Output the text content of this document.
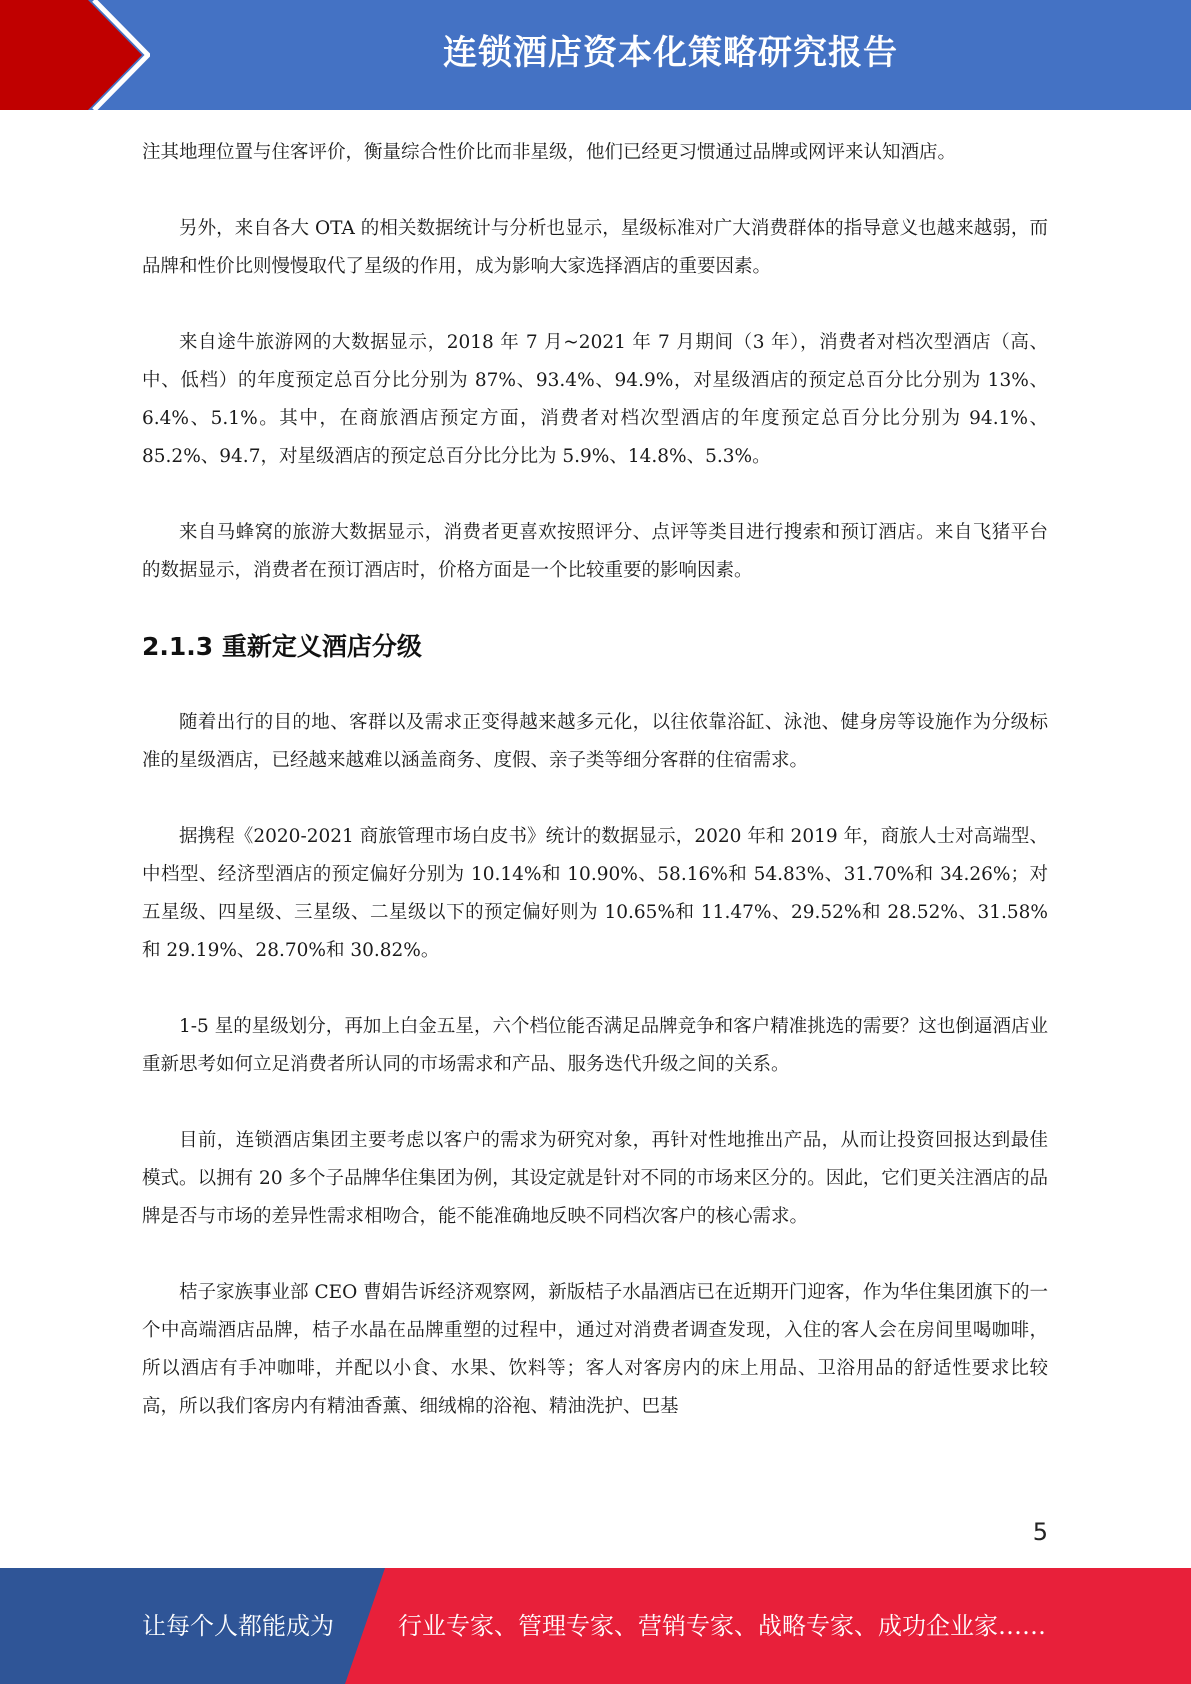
连锁酒店资本化策略研究报告

注其地理位置与住客评价，衡量综合性价比而非星级，他们已经更习惯通过品牌或网评来认知酒店。

另外，来自各大 OTA 的相关数据统计与分析也显示，星级标准对广大消费群体的指导意义也越来越弱，而品牌和性价比则慢慢取代了星级的作用，成为影响大家选择酒店的重要因素。

来自途牛旅游网的大数据显示，2018 年 7 月~2021 年 7 月期间（3 年），消费者对档次型酒店（高、中、低档）的年度预定总百分比分别为 87%、93.4%、94.9%，对星级酒店的预定总百分比分别为 13%、6.4%、5.1%。其中，在商旅酒店预定方面，消费者对档次型酒店的年度预定总百分比分别为 94.1%、85.2%、94.7，对星级酒店的预定总百分比分比为 5.9%、14.8%、5.3%。

来自马蜂窝的旅游大数据显示，消费者更喜欢按照评分、点评等类目进行搜索和预订酒店。来自飞猪平台的数据显示，消费者在预订酒店时，价格方面是一个比较重要的影响因素。

2.1.3 重新定义酒店分级

随着出行的目的地、客群以及需求正变得越来越多元化，以往依靠浴缸、泳池、健身房等设施作为分级标准的星级酒店，已经越来越难以涵盖商务、度假、亲子类等细分客群的住宿需求。

据携程《2020-2021 商旅管理市场白皮书》统计的数据显示，2020 年和 2019 年，商旅人士对高端型、中档型、经济型酒店的预定偏好分别为 10.14%和 10.90%、58.16%和 54.83%、31.70%和 34.26%；对五星级、四星级、三星级、二星级以下的预定偏好则为 10.65%和 11.47%、29.52%和 28.52%、31.58%和 29.19%、28.70%和 30.82%。

1-5 星的星级划分，再加上白金五星，六个档位能否满足品牌竞争和客户精准挑选的需要？这也倒逼酒店业重新思考如何立足消费者所认同的市场需求和产品、服务迭代升级之间的关系。

目前，连锁酒店集团主要考虑以客户的需求为研究对象，再针对性地推出产品，从而让投资回报达到最佳模式。以拥有 20 多个子品牌华住集团为例，其设定就是针对不同的市场来区分的。因此，它们更关注酒店的品牌是否与市场的差异性需求相吻合，能不能准确地反映不同档次客户的核心需求。

桔子家族事业部 CEO 曹娟告诉经济观察网，新版桔子水晶酒店已在近期开门迎客，作为华住集团旗下的一个中高端酒店品牌，桔子水晶在品牌重塑的过程中，通过对消费者调查发现，入住的客人会在房间里喝咖啡，所以酒店有手冲咖啡，并配以小食、水果、饮料等；客人对客房内的床上用品、卫浴用品的舒适性要求比较高，所以我们客房内有精油香薰、细绒棉的浴袍、精油洗护、巴基

5
让每个人都能成为	行业专家、管理专家、营销专家、战略专家、成功企业家……
